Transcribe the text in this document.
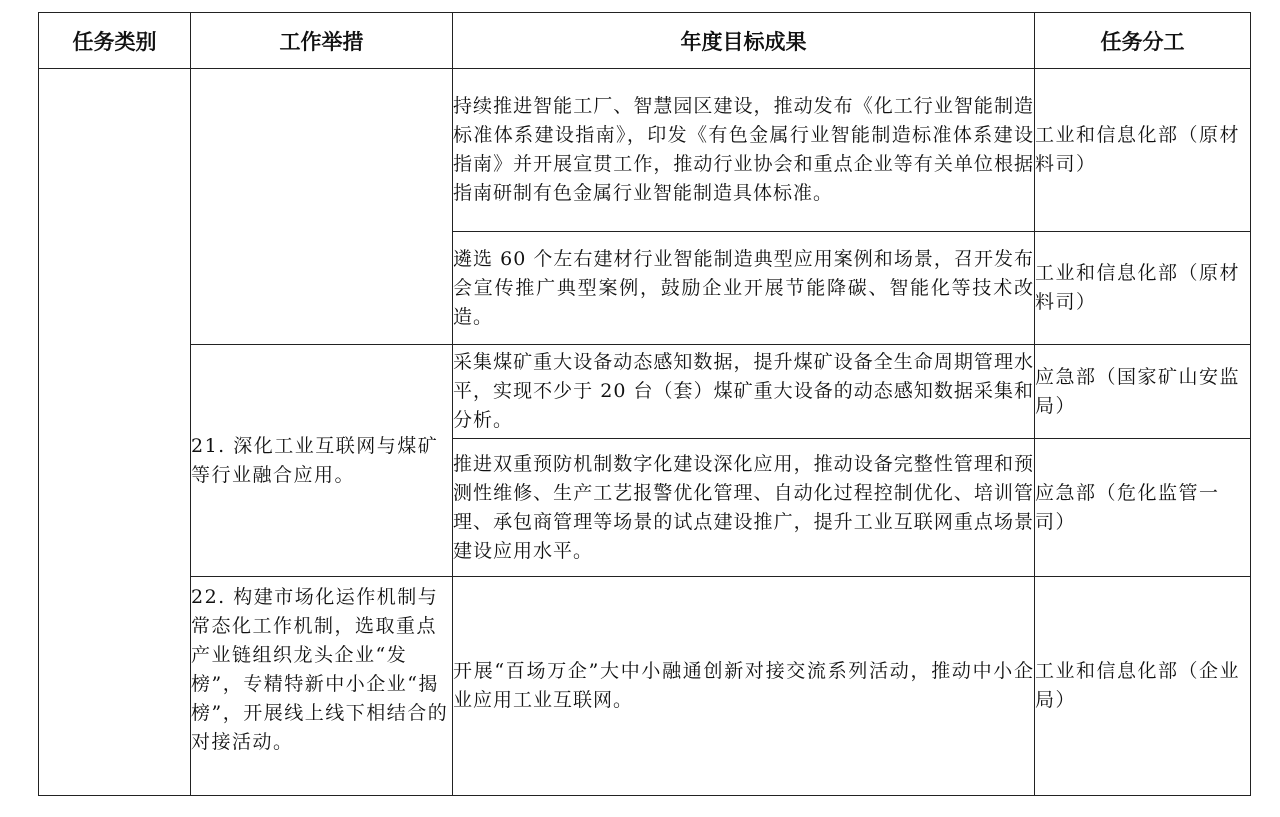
任务类别	工作举措	年度目标成果	任务分工
		持续推进智能工厂、智慧园区建设，推动发布《化工行业智能制造标准体系建设指南》，印发《有色金属行业智能制造标准体系建设指南》并开展宣贯工作，推动行业协会和重点企业等有关单位根据指南研制有色金属行业智能制造具体标准。	工业和信息化部（原材料司）
		遴选 60 个左右建材行业智能制造典型应用案例和场景，召开发布会宣传推广典型案例，鼓励企业开展节能降碳、智能化等技术改造。	工业和信息化部（原材料司）
	21. 深化工业互联网与煤矿等行业融合应用。	采集煤矿重大设备动态感知数据，提升煤矿设备全生命周期管理水平，实现不少于 20 台（套）煤矿重大设备的动态感知数据采集和分析。	应急部（国家矿山安监局）
		推进双重预防机制数字化建设深化应用，推动设备完整性管理和预测性维修、生产工艺报警优化管理、自动化过程控制优化、培训管理、承包商管理等场景的试点建设推广，提升工业互联网重点场景建设应用水平。	应急部（危化监管一司）
	22. 构建市场化运作机制与常态化工作机制，选取重点产业链组织龙头企业“发榜”，专精特新中小企业“揭榜”，开展线上线下相结合的对接活动。	开展“百场万企”大中小融通创新对接交流系列活动，推动中小企业应用工业互联网。	工业和信息化部（企业局）
